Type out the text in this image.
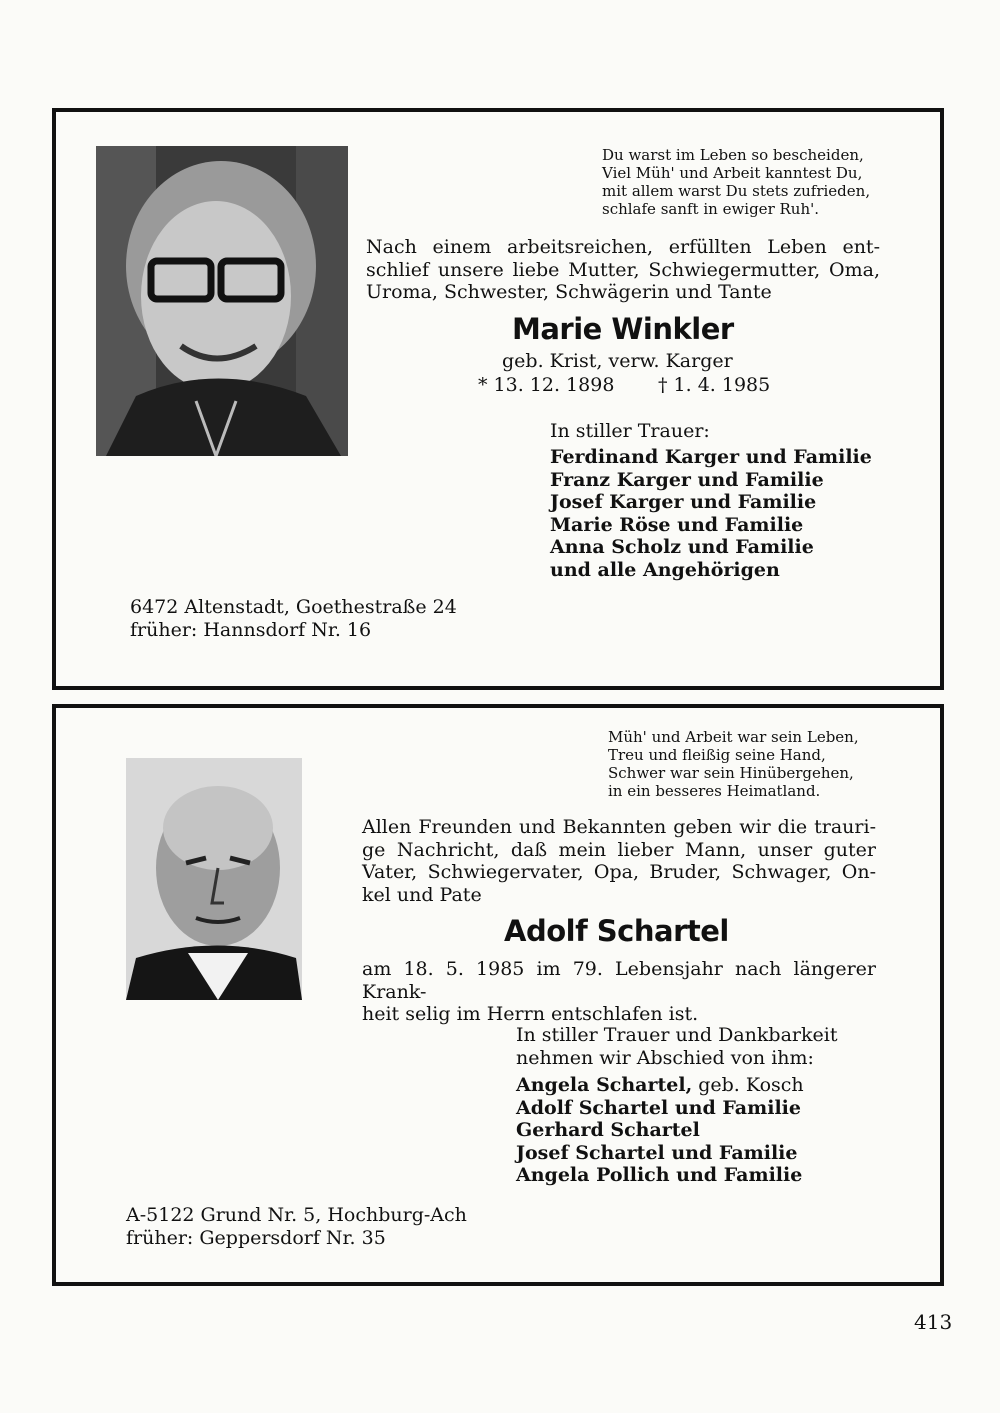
Du warst im Leben so bescheiden,
Viel Müh' und Arbeit kanntest Du,
mit allem warst Du stets zufrieden,
schlafe sanft in ewiger Ruh'.
Nach einem arbeitsreichen, erfüllten Leben ent-
schlief unsere liebe Mutter, Schwiegermutter, Oma,
Uroma, Schwester, Schwägerin und Tante
Marie Winkler
geb. Krist, verw. Karger
* 13. 12. 1898 † 1. 4. 1985
In stiller Trauer:
Ferdinand Karger und Familie
Franz Karger und Familie
Josef Karger und Familie
Marie Röse und Familie
Anna Scholz und Familie
und alle Angehörigen
6472 Altenstadt, Goethestraße 24
früher: Hannsdorf Nr. 16
Müh' und Arbeit war sein Leben,
Treu und fleißig seine Hand,
Schwer war sein Hinübergehen,
in ein besseres Heimatland.
Allen Freunden und Bekannten geben wir die trauri-
ge Nachricht, daß mein lieber Mann, unser guter
Vater, Schwiegervater, Opa, Bruder, Schwager, On-
kel und Pate
Adolf Schartel
am 18. 5. 1985 im 79. Lebensjahr nach längerer Krank-
heit selig im Herrn entschlafen ist.
In stiller Trauer und Dankbarkeit
nehmen wir Abschied von ihm:
Angela Schartel, geb. Kosch
Adolf Schartel und Familie
Gerhard Schartel
Josef Schartel und Familie
Angela Pollich und Familie
A-5122 Grund Nr. 5, Hochburg-Ach
früher: Geppersdorf Nr. 35
413
